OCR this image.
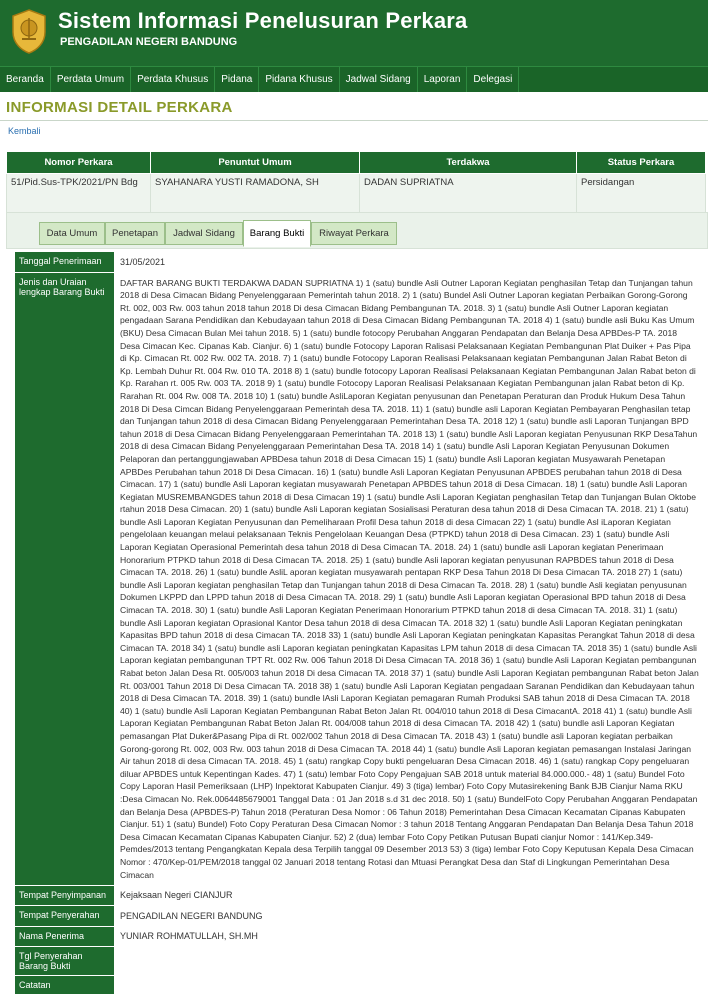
Sistem Informasi Penelusuran Perkara
PENGADILAN NEGERI BANDUNG
Beranda	Perdata Umum	Perdata Khusus	Pidana	Pidana Khusus	Jadwal Sidang	Laporan	Delegasi
INFORMASI DETAIL PERKARA
Kembali
Nomor Perkara	Penuntut Umum	Terdakwa	Status Perkara
51/Pid.Sus-TPK/2021/PN Bdg	SYAHANARA YUSTI RAMADONA, SH	DADAN SUPRIATNA	Persidangan
Data Umum	Penetapan	Jadwal Sidang	Barang Bukti	Riwayat Perkara
Tanggal Penerimaan	31/05/2021
Jenis dan Uraian lengkap Barang Bukti	DAFTAR BARANG BUKTI TERDAKWA DADAN SUPRIATNA 1) 1 (satu) bundle Asli Outner Laporan Kegiatan penghasilan Tetap dan Tunjangan tahun 2018 di Desa Cimacan Bidang Penyelenggaraan Pemerintah tahun 2018. 2) 1 (satu) Bundel Asli Outner Laporan kegiatan Perbaikan Gorong-Gorong Rt. 002, 003 Rw. 003 tahun 2018 tahun 2018 Di desa Cimacan Bidang Pembangunan TA. 2018. 3) 1 (satu) bundle Asli Outner Laporan kegiatan pengadaan Sarana Pendidikan dan Kebudayaan tahun 2018 di Desa Cimacan Bidang Pembangunan TA. 2018 4) 1 (satu) bundle asli Buku Kas Umum (BKU) Desa Cimacan Bulan Mei tahun 2018. 5) 1 (satu) bundle fotocopy Perubahan Anggaran Pendapatan dan Belanja Desa APBDes-P TA. 2018 Desa Cimacan Kec. Cipanas Kab. Cianjur. 6) 1 (satu) bundle Fotocopy Laporan Ralisasi Pelaksanaan Kegiatan Pembangunan Plat Duiker + Pas Pipa di Kp. Cimacan Rt. 002 Rw. 002 TA. 2018. 7) 1 (satu) bundle Fotocopy Laporan Realisasi Pelaksanaan kegiatan Pembangunan Jalan Rabat Beton di Kp. Lembah Duhur Rt. 004 Rw. 010 TA. 2018 8) 1 (satu) bundle fotocopy Laporan Realisasi Pelaksanaan Kegiatan Pembangunan Jalan Rabat beton di Kp. Rarahan rt. 005 Rw. 003 TA. 2018 9) 1 (satu) bundle Fotocopy Laporan Realisasi Pelaksanaan Kegiatan Pembangunan jalan Rabat beton di Kp. Rarahan Rt. 004 Rw. 008 TA. 2018 10) 1 (satu) bundle AsliLaporan Kegiatan penyusunan dan Penetapan Peraturan dan Produk Hukum Desa Tahun 2018 Di Desa Cimcan Bidang Penyelenggaraan Pemerintah desa TA. 2018. 11) 1 (satu) bundle asli Laporan Kegiatan Pembayaran Penghasilan tetap dan Tunjangan tahun 2018 di desa Cimacan Bidang Penyelenggaraan Pemerintahan Desa TA. 2018 12) 1 (satu) bundle asli Laporan Tunjangan BPD tahun 2018 di Desa Cimacan Bidang Penyelenggaraan Pemerintahan TA. 2018 13) 1 (satu) bundle Asli Laporan kegiatan Penyusunan RKP DesaTahun 2018 di desa Cimacan Bidang Penyelenggaraan Pemerintahan Desa TA. 2018 14) 1 (satu) bundle Asli Laporan Kegiatan Penyusunan Dokumen Pelaporan dan pertanggungjawaban APBDesa tahun 2018 di Desa Cimacan 15) 1 (satu) bundle Asli Laporan kegiatan Musyawarah Penetapan APBDes Perubahan tahun 2018 Di Desa Cimacan. 16) 1 (satu) bundle Asli Laporan Kegiatan Penyusunan APBDES perubahan tahun 2018 di Desa Cimacan. 17) 1 (satu) bundle Asli Laporan kegiatan musyawarah Penetapan APBDES tahun 2018 di Desa Cimacan. 18) 1 (satu) bundle Asli Laporan Kegiatan MUSREMBANGDES tahun 2018 di Desa Cimacan 19) 1 (satu) bundle Asli Laporan Kegiatan penghasilan Tetap dan Tunjangan Bulan Oktobe rtahun 2018 Desa Cimacan. 20) 1 (satu) bundle Asli Laporan kegiatan Sosialisasi Peraturan desa tahun 2018 di Desa Cimacan TA. 2018. 21) 1 (satu) bundle Asli Laporan Kegiatan Penyusunan dan Pemeliharaan Profil Desa tahun 2018 di desa Cimacan 22) 1 (satu) bundle Asl iLaporan Kegiatan pengelolaan keuangan melaui pelaksanaan Teknis Pengelolaan Keuangan Desa (PTPKD) tahun 2018 di Desa Cimacan. 23) 1 (satu) bundle Asli Laporan Kegiatan Operasional Pemerintah desa tahun 2018 di Desa Cimacan TA. 2018. 24) 1 (satu) bundle asli Laporan kegiatan Penerimaan Honorarium PTPKD tahun 2018 di Desa Cimacan TA. 2018. 25) 1 (satu) bundle Asli laporan kegiatan penyusunan RAPBDES tahun 2018 di Desa Cimacan TA. 2018. 26) 1 (satu) bundle AsliL aporan kegiatan musyawarah pentapan RKP Desa Tahun 2018 Di Desa Cimacan TA. 2018 27) 1 (satu) bundle Asli Laporan kegiatan penghasilan Tetap dan Tunjangan tahun 2018 di Desa Cimacan Ta. 2018. 28) 1 (satu) bundle Asli kegiatan penyusunan Dokumen LKPPD dan LPPD tahun 2018 di Desa Cimacan TA. 2018. 29) 1 (satu) bundle Asli Laporan kegiatan Operasional BPD tahun 2018 di Desa Cimacan TA. 2018. 30) 1 (satu) bundle Asli Laporan Kegiatan Penerimaan Honorarium PTPKD tahun 2018 di desa Cimacan TA. 2018. 31) 1 (satu) bundle Asli Laporan kegiatan Oprasional Kantor Desa tahun 2018 di desa Cimacan TA. 2018 32) 1 (satu) bundle Asli Laporan Kegiatan peningkatan Kapasitas BPD tahun 2018 di desa Cimacan TA. 2018 33) 1 (satu) bundle Asli Laporan Kegiatan peningkatan Kapasitas Perangkat Tahun 2018 di desa Cimacan TA. 2018 34) 1 (satu) bundle asli Laporan kegiatan peningkatan Kapasitas LPM tahun 2018 di desa Cimacan TA. 2018 35) 1 (satu) bundle Asli Laporan kegiatan pembangunan TPT Rt. 002 Rw. 006 Tahun 2018 Di Desa Cimacan TA. 2018 36) 1 (satu) bundle Asli Laporan Kegiatan pembangunan Rabat beton Jalan Desa Rt. 005/003 tahun 2018 Di desa Cimacan TA. 2018 37) 1 (satu) bundle Asli Laporan Kegiatan pembangunan Rabat beton Jalan Rt. 003/001 Tahun 2018 Di Desa Cimacan TA. 2018 38) 1 (satu) bundle Asli Laporan Kegiatan pengadaan Saranan Pendidikan dan Kebudayaan tahun 2018 di Desa Cimacan TA. 2018. 39) 1 (satu) bundle lAsli Laporan Kegiatan pemagaran Rumah Produksi SAB tahun 2018 di Desa Cimacan TA. 2018 40) 1 (satu) bundle Asli Laporan Kegiatan Pembangunan Rabat Beton Jalan Rt. 004/010 tahun 2018 di Desa CimacantA. 2018 41) 1 (satu) bundle Asli Laporan Kegiatan Pembangunan Rabat Beton Jalan Rt. 004/008 tahun 2018 di desa Cimacan TA. 2018 42) 1 (satu) bundle asli Laporan Kegiatan pemasangan Plat Duker&Pasang Pipa di Rt. 002/002 Tahun 2018 di Desa Cimacan TA. 2018 43) 1 (satu) bundle asli Laporan kegiatan perbaikan Gorong-gorong Rt. 002, 003 Rw. 003 tahun 2018 di Desa Cimacan TA. 2018 44) 1 (satu) bundle Asli Laporan kegiatan pemasangan Instalasi Jaringan Air tahun 2018 di desa Cimacan TA. 2018. 45) 1 (satu) rangkap Copy bukti pengeluaran Desa Cimacan 2018. 46) 1 (satu) rangkap Copy pengeluaran diluar APBDES untuk Kepentingan Kades. 47) 1 (satu) lembar Foto Copy Pengajuan SAB 2018 untuk material 84.000.000.- 48) 1 (satu) Bundel Foto Copy Laporan Hasil Pemeriksaan (LHP) Inpektorat Kabupaten Cianjur. 49) 3 (tiga) lembar) Foto Copy Mutasirekening Bank BJB Cianjur Nama RKU :Desa Cimacan No. Rek.0064485679001 Tanggal Data : 01 Jan 2018 s.d 31 dec 2018. 50) 1 (satu) BundelFoto Copy Perubahan Anggaran Pendapatan dan Belanja Desa (APBDES-P) Tahun 2018 (Peraturan Desa Nomor : 06 Tahun 2018) Pemerintahan Desa Cimacan Kecamatan Cipanas Kabupaten Cianjur. 51) 1 (satu) Bundel) Foto Copy Peraturan Desa Cimacan Nomor : 3 tahun 2018 Tentang Anggaran Pendapatan Dan Belanja Desa Tahun 2018 Desa Cimacan Kecamatan Cipanas Kabupaten Cianjur. 52) 2 (dua) lembar Foto Copy Petikan Putusan Bupati cianjur Nomor : 141/Kep.349-Pemdes/2013 tentang Pengangkatan Kepala desa Terpilih tanggal 09 Desember 2013 53) 3 (tiga) lembar Foto Copy Keputusan Kepala Desa Cimacan Nomor : 470/Kep-01/PEM/2018 tanggal 02 Januari 2018 tentang Rotasi dan Mtuasi Perangkat Desa dan Staf di Lingkungan Pemerintahan Desa Cimacan
Tempat Penyimpanan	Kejaksaan Negeri CIANJUR
Tempat Penyerahan	PENGADILAN NEGERI BANDUNG
Nama Penerima	YUNIAR ROHMATULLAH, SH.MH
Tgl Penyerahan Barang Bukti	
Catatan	
